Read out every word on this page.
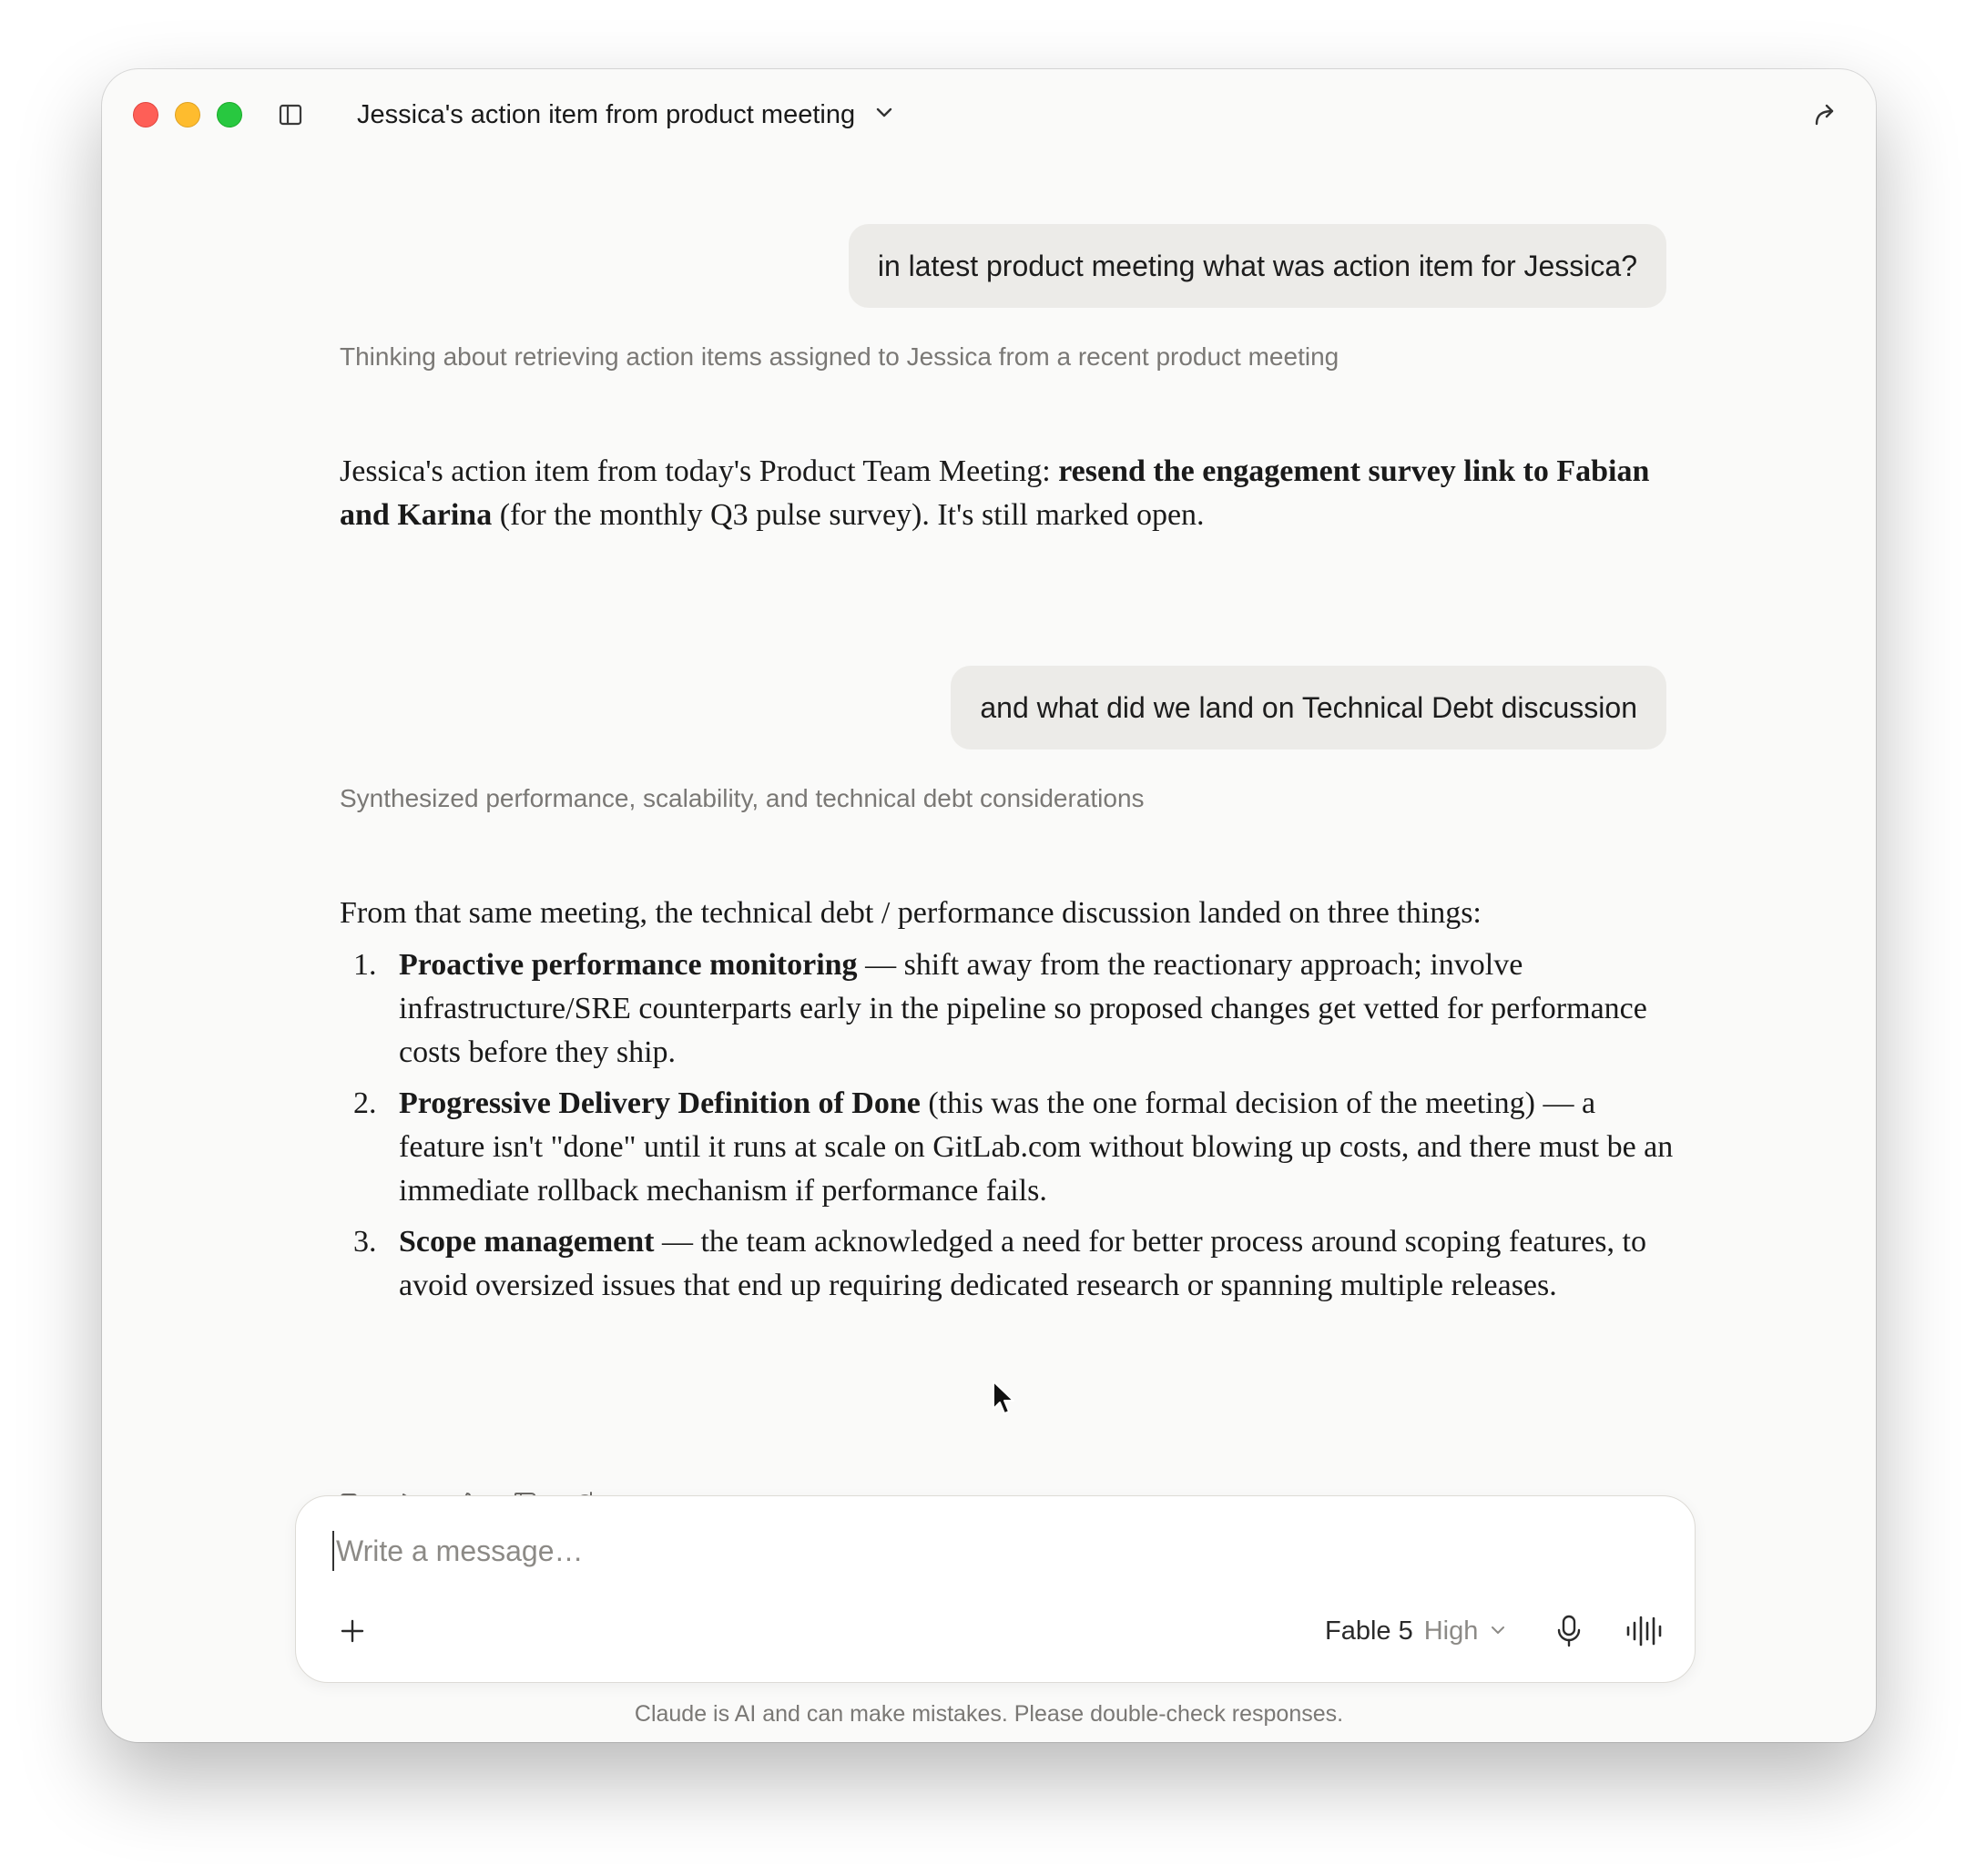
Jessica's action item from product meeting
in latest product meeting what was action item for Jessica?
Thinking about retrieving action items assigned to Jessica from a recent product meeting
Jessica's action item from today's Product Team Meeting: resend the engagement survey link to Fabian and Karina (for the monthly Q3 pulse survey). It's still marked open.
and what did we land on Technical Debt discussion
Synthesized performance, scalability, and technical debt considerations
From that same meeting, the technical debt / performance discussion landed on three things:
1. Proactive performance monitoring — shift away from the reactionary approach; involve infrastructure/SRE counterparts early in the pipeline so proposed changes get vetted for performance costs before they ship.
2. Progressive Delivery Definition of Done (this was the one formal decision of the meeting) — a feature isn't "done" until it runs at scale on GitLab.com without blowing up costs, and there must be an immediate rollback mechanism if performance fails.
3. Scope management — the team acknowledged a need for better process around scoping features, to avoid oversized issues that end up requiring dedicated research or spanning multiple releases.
Write a message…
Fable 5 High
Claude is AI and can make mistakes. Please double-check responses.
